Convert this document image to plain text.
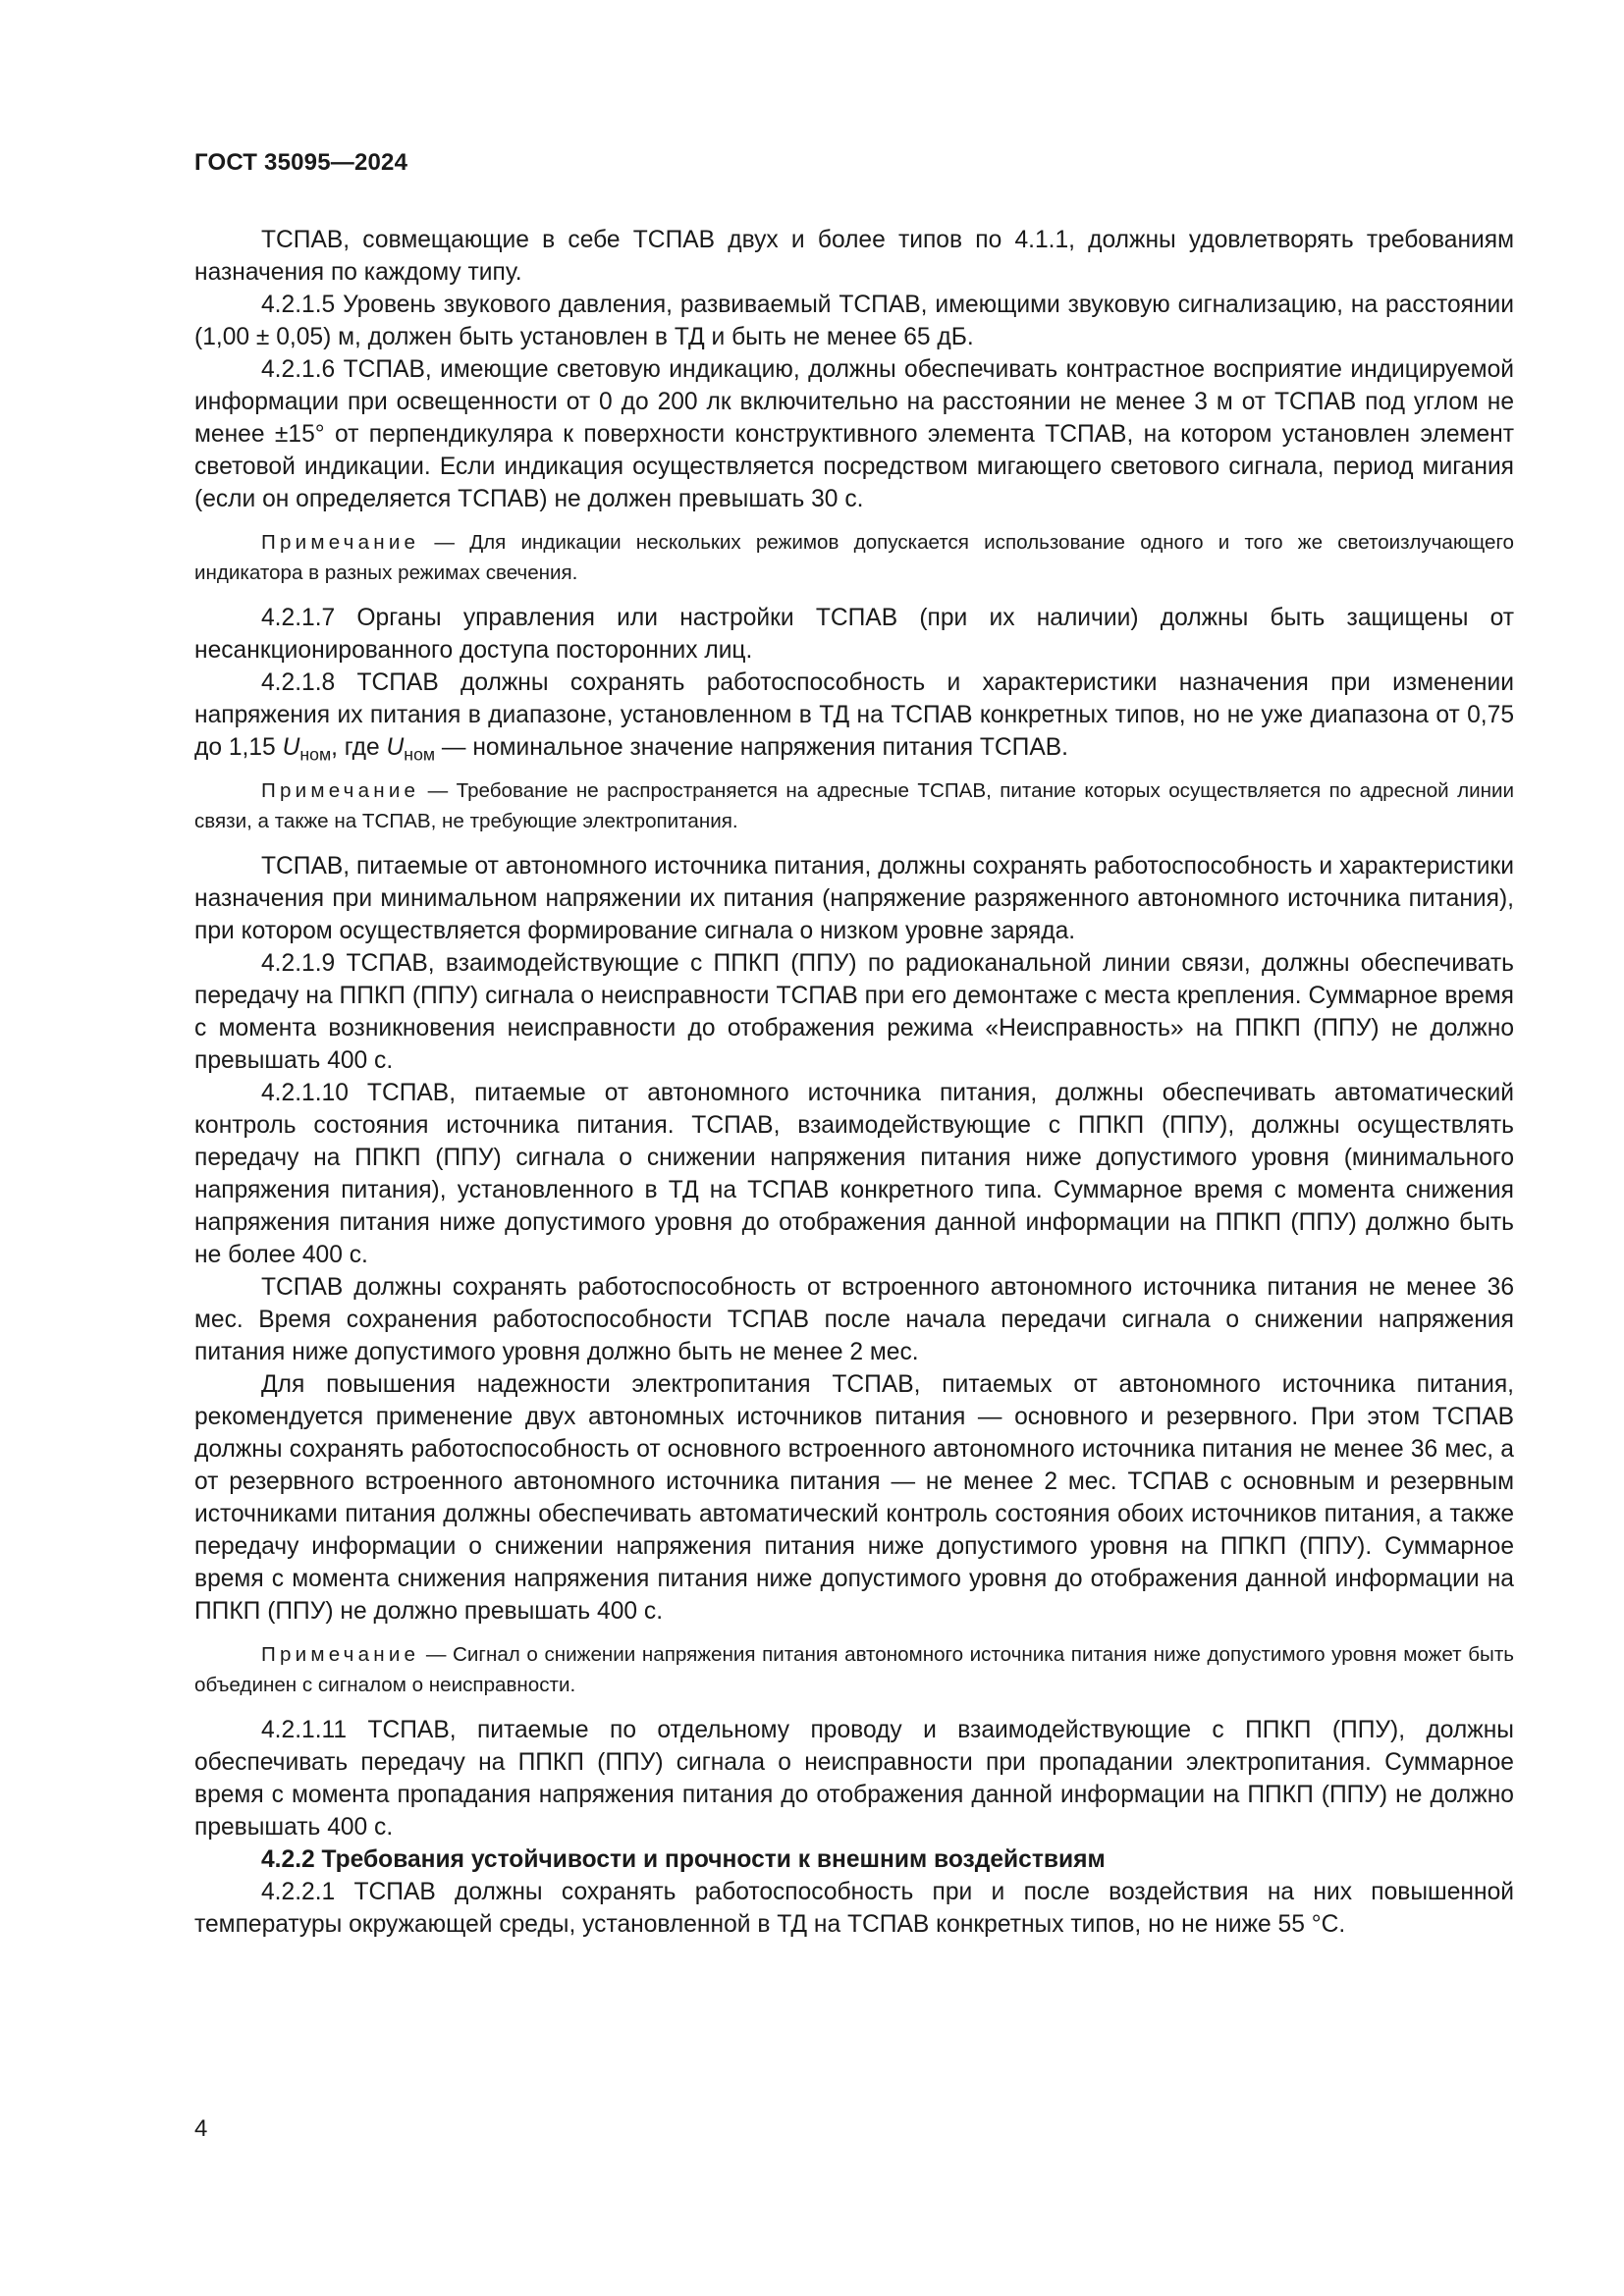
ГОСТ 35095—2024

ТСПАВ, совмещающие в себе ТСПАВ двух и более типов по 4.1.1, должны удовлетворять требованиям назначения по каждому типу.

4.2.1.5 Уровень звукового давления, развиваемый ТСПАВ, имеющими звуковую сигнализацию, на расстоянии (1,00 ± 0,05) м, должен быть установлен в ТД и быть не менее 65 дБ.

4.2.1.6 ТСПАВ, имеющие световую индикацию, должны обеспечивать контрастное восприятие индицируемой информации при освещенности от 0 до 200 лк включительно на расстоянии не менее 3 м от ТСПАВ под углом не менее ±15° от перпендикуляра к поверхности конструктивного элемента ТСПАВ, на котором установлен элемент световой индикации. Если индикация осуществляется посредством мигающего светового сигнала, период мигания (если он определяется ТСПАВ) не должен превышать 30 с.

Примечание — Для индикации нескольких режимов допускается использование одного и того же светоизлучающего индикатора в разных режимах свечения.

4.2.1.7 Органы управления или настройки ТСПАВ (при их наличии) должны быть защищены от несанкционированного доступа посторонних лиц.

4.2.1.8 ТСПАВ должны сохранять работоспособность и характеристики назначения при изменении напряжения их питания в диапазоне, установленном в ТД на ТСПАВ конкретных типов, но не уже диапазона от 0,75 до 1,15 $U_{ном}$, где $U_{ном}$ — номинальное значение напряжения питания ТСПАВ.

Примечание — Требование не распространяется на адресные ТСПАВ, питание которых осуществляется по адресной линии связи, а также на ТСПАВ, не требующие электропитания.

ТСПАВ, питаемые от автономного источника питания, должны сохранять работоспособность и характеристики назначения при минимальном напряжении их питания (напряжение разряженного автономного источника питания), при котором осуществляется формирование сигнала о низком уровне заряда.

4.2.1.9 ТСПАВ, взаимодействующие с ППКП (ППУ) по радиоканальной линии связи, должны обеспечивать передачу на ППКП (ППУ) сигнала о неисправности ТСПАВ при его демонтаже с места крепления. Суммарное время с момента возникновения неисправности до отображения режима «Неисправность» на ППКП (ППУ) не должно превышать 400 с.

4.2.1.10 ТСПАВ, питаемые от автономного источника питания, должны обеспечивать автоматический контроль состояния источника питания. ТСПАВ, взаимодействующие с ППКП (ППУ), должны осуществлять передачу на ППКП (ППУ) сигнала о снижении напряжения питания ниже допустимого уровня (минимального напряжения питания), установленного в ТД на ТСПАВ конкретного типа. Суммарное время с момента снижения напряжения питания ниже допустимого уровня до отображения данной информации на ППКП (ППУ) должно быть не более 400 с.

ТСПАВ должны сохранять работоспособность от встроенного автономного источника питания не менее 36 мес. Время сохранения работоспособности ТСПАВ после начала передачи сигнала о снижении напряжения питания ниже допустимого уровня должно быть не менее 2 мес.

Для повышения надежности электропитания ТСПАВ, питаемых от автономного источника питания, рекомендуется применение двух автономных источников питания — основного и резервного. При этом ТСПАВ должны сохранять работоспособность от основного встроенного автономного источника питания не менее 36 мес, а от резервного встроенного автономного источника питания — не менее 2 мес. ТСПАВ с основным и резервным источниками питания должны обеспечивать автоматический контроль состояния обоих источников питания, а также передачу информации о снижении напряжения питания ниже допустимого уровня на ППКП (ППУ). Суммарное время с момента снижения напряжения питания ниже допустимого уровня до отображения данной информации на ППКП (ППУ) не должно превышать 400 с.

Примечание — Сигнал о снижении напряжения питания автономного источника питания ниже допустимого уровня может быть объединен с сигналом о неисправности.

4.2.1.11 ТСПАВ, питаемые по отдельному проводу и взаимодействующие с ППКП (ППУ), должны обеспечивать передачу на ППКП (ППУ) сигнала о неисправности при пропадании электропитания. Суммарное время с момента пропадания напряжения питания до отображения данной информации на ППКП (ППУ) не должно превышать 400 с.

4.2.2 Требования устойчивости и прочности к внешним воздействиям

4.2.2.1 ТСПАВ должны сохранять работоспособность при и после воздействия на них повышенной температуры окружающей среды, установленной в ТД на ТСПАВ конкретных типов, но не ниже 55 °С.

4
